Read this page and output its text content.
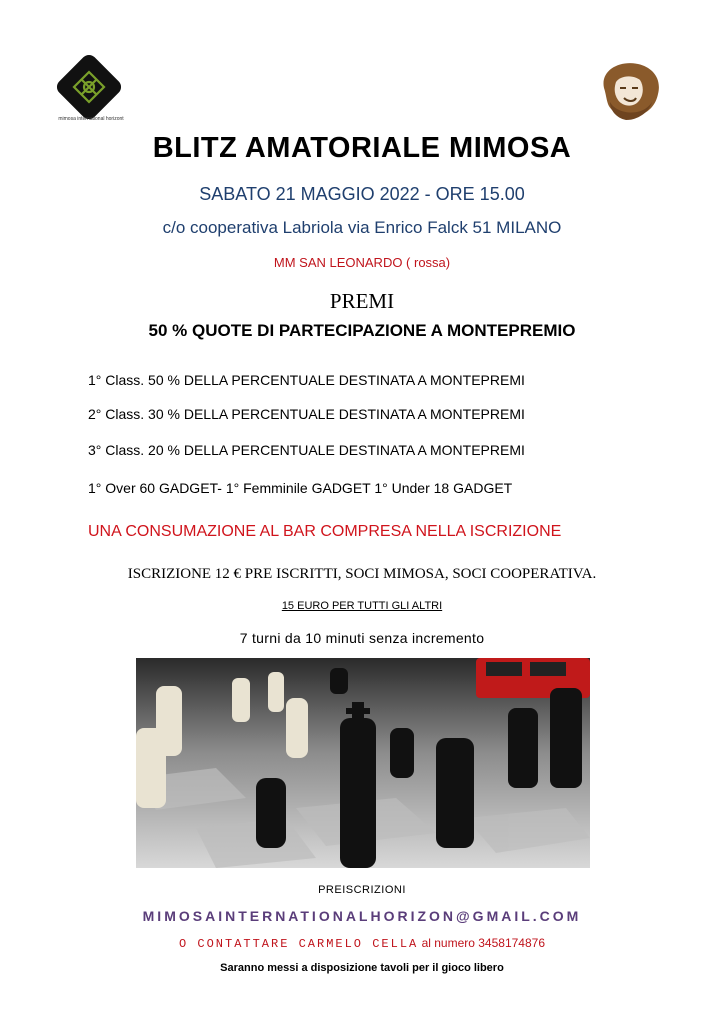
mimosa international horizont
BLITZ AMATORIALE MIMOSA
SABATO 21 MAGGIO 2022 - ORE 15.00
c/o cooperativa Labriola via Enrico Falck 51 MILANO
MM SAN LEONARDO ( rossa)
PREMI
50 % QUOTE DI PARTECIPAZIONE A MONTEPREMIO
1° Class. 50 % DELLA PERCENTUALE DESTINATA A MONTEPREMI
2° Class. 30 % DELLA PERCENTUALE DESTINATA A MONTEPREMI
3° Class. 20 % DELLA PERCENTUALE DESTINATA A MONTEPREMI
1° Over 60 GADGET- 1° Femminile GADGET 1° Under 18 GADGET
UNA CONSUMAZIONE AL BAR COMPRESA NELLA ISCRIZIONE
ISCRIZIONE 12 € PRE ISCRITTI, SOCI MIMOSA, SOCI COOPERATIVA.
15 EURO PER TUTTI GLI ALTRI
7 turni da 10 minuti senza incremento
PREISCRIZIONI
MIMOSAINTERNATIONALHORIZON@GMAIL.COM
O CONTATTARE CARMELO CELLA al numero 3458174876
Saranno messi a disposizione tavoli per il gioco libero
